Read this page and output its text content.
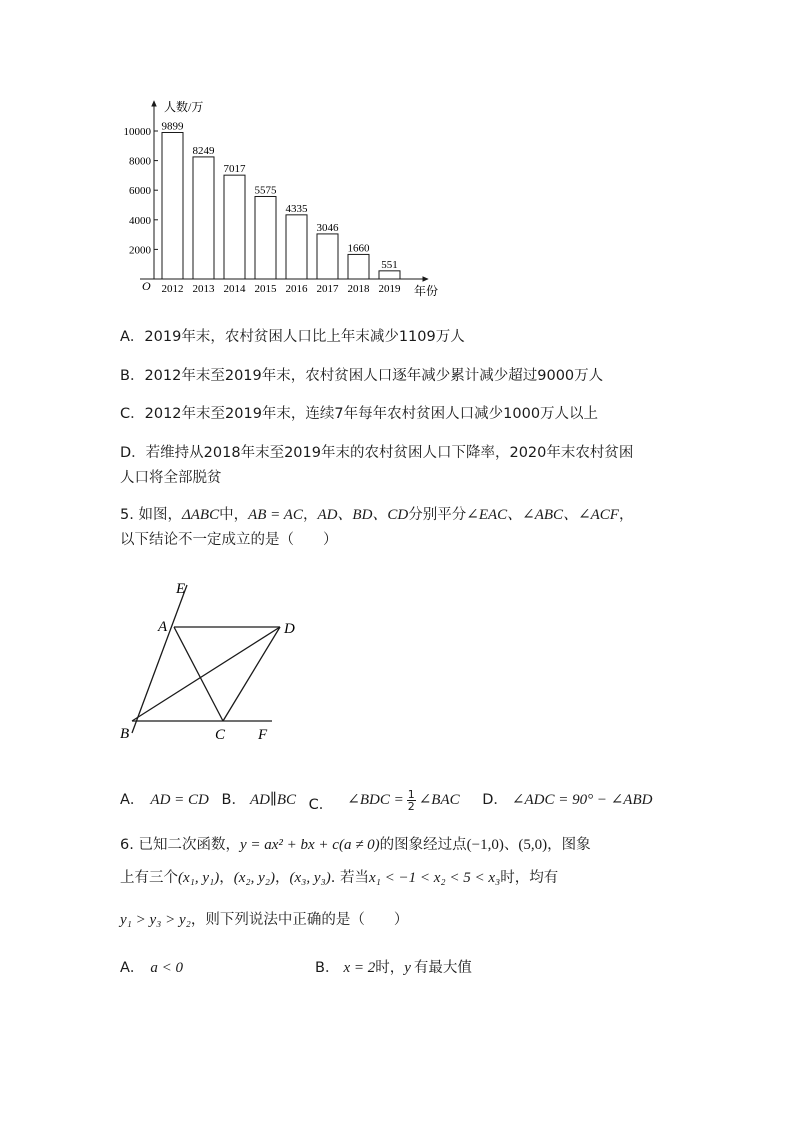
2000
4000
6000
8000
10000 9899
2012
8249
2013
7017
2014
5575
2015
4335
2016
3046
2017
1660
2018
551
2019
人数/万
年份
O
A．2019年末，农村贫困人口比上年末减少1109万人
B．2012年末至2019年末，农村贫困人口逐年减少累计减少超过9000万人
C．2012年末至2019年末，连续7年每年农村贫困人口减少1000万人以上
D．若维持从2018年末至2019年末的农村贫困人口下降率，2020年末农村贫困
人口将全部脱贫
5. 如图，ΔABC中，AB = AC，AD、BD、CD分别平分∠EAC、∠ABC、∠ACF，
以下结论不一定成立的是（　　）
E
A	D
B	C F
A． AD = CD B． AD∥BC C． ∠BDC = $\frac{1}{2}$ ∠BAC D． ∠ADC = 90° − ∠ABD
6. 已知二次函数，y = ax² + bx + c(a ≠ 0)的图象经过点(−1,0)、(5,0)，图象
上有三个(x₁, y₁)，(x₂, y₂)，(x₃, y₃). 若当x₁ < −1 < x₂ < 5 < x₃时，均有
y₁ > y₃ > y₂，则下列说法中正确的是（　　）
A． a < 0	B． x = 2时，y 有最大值
